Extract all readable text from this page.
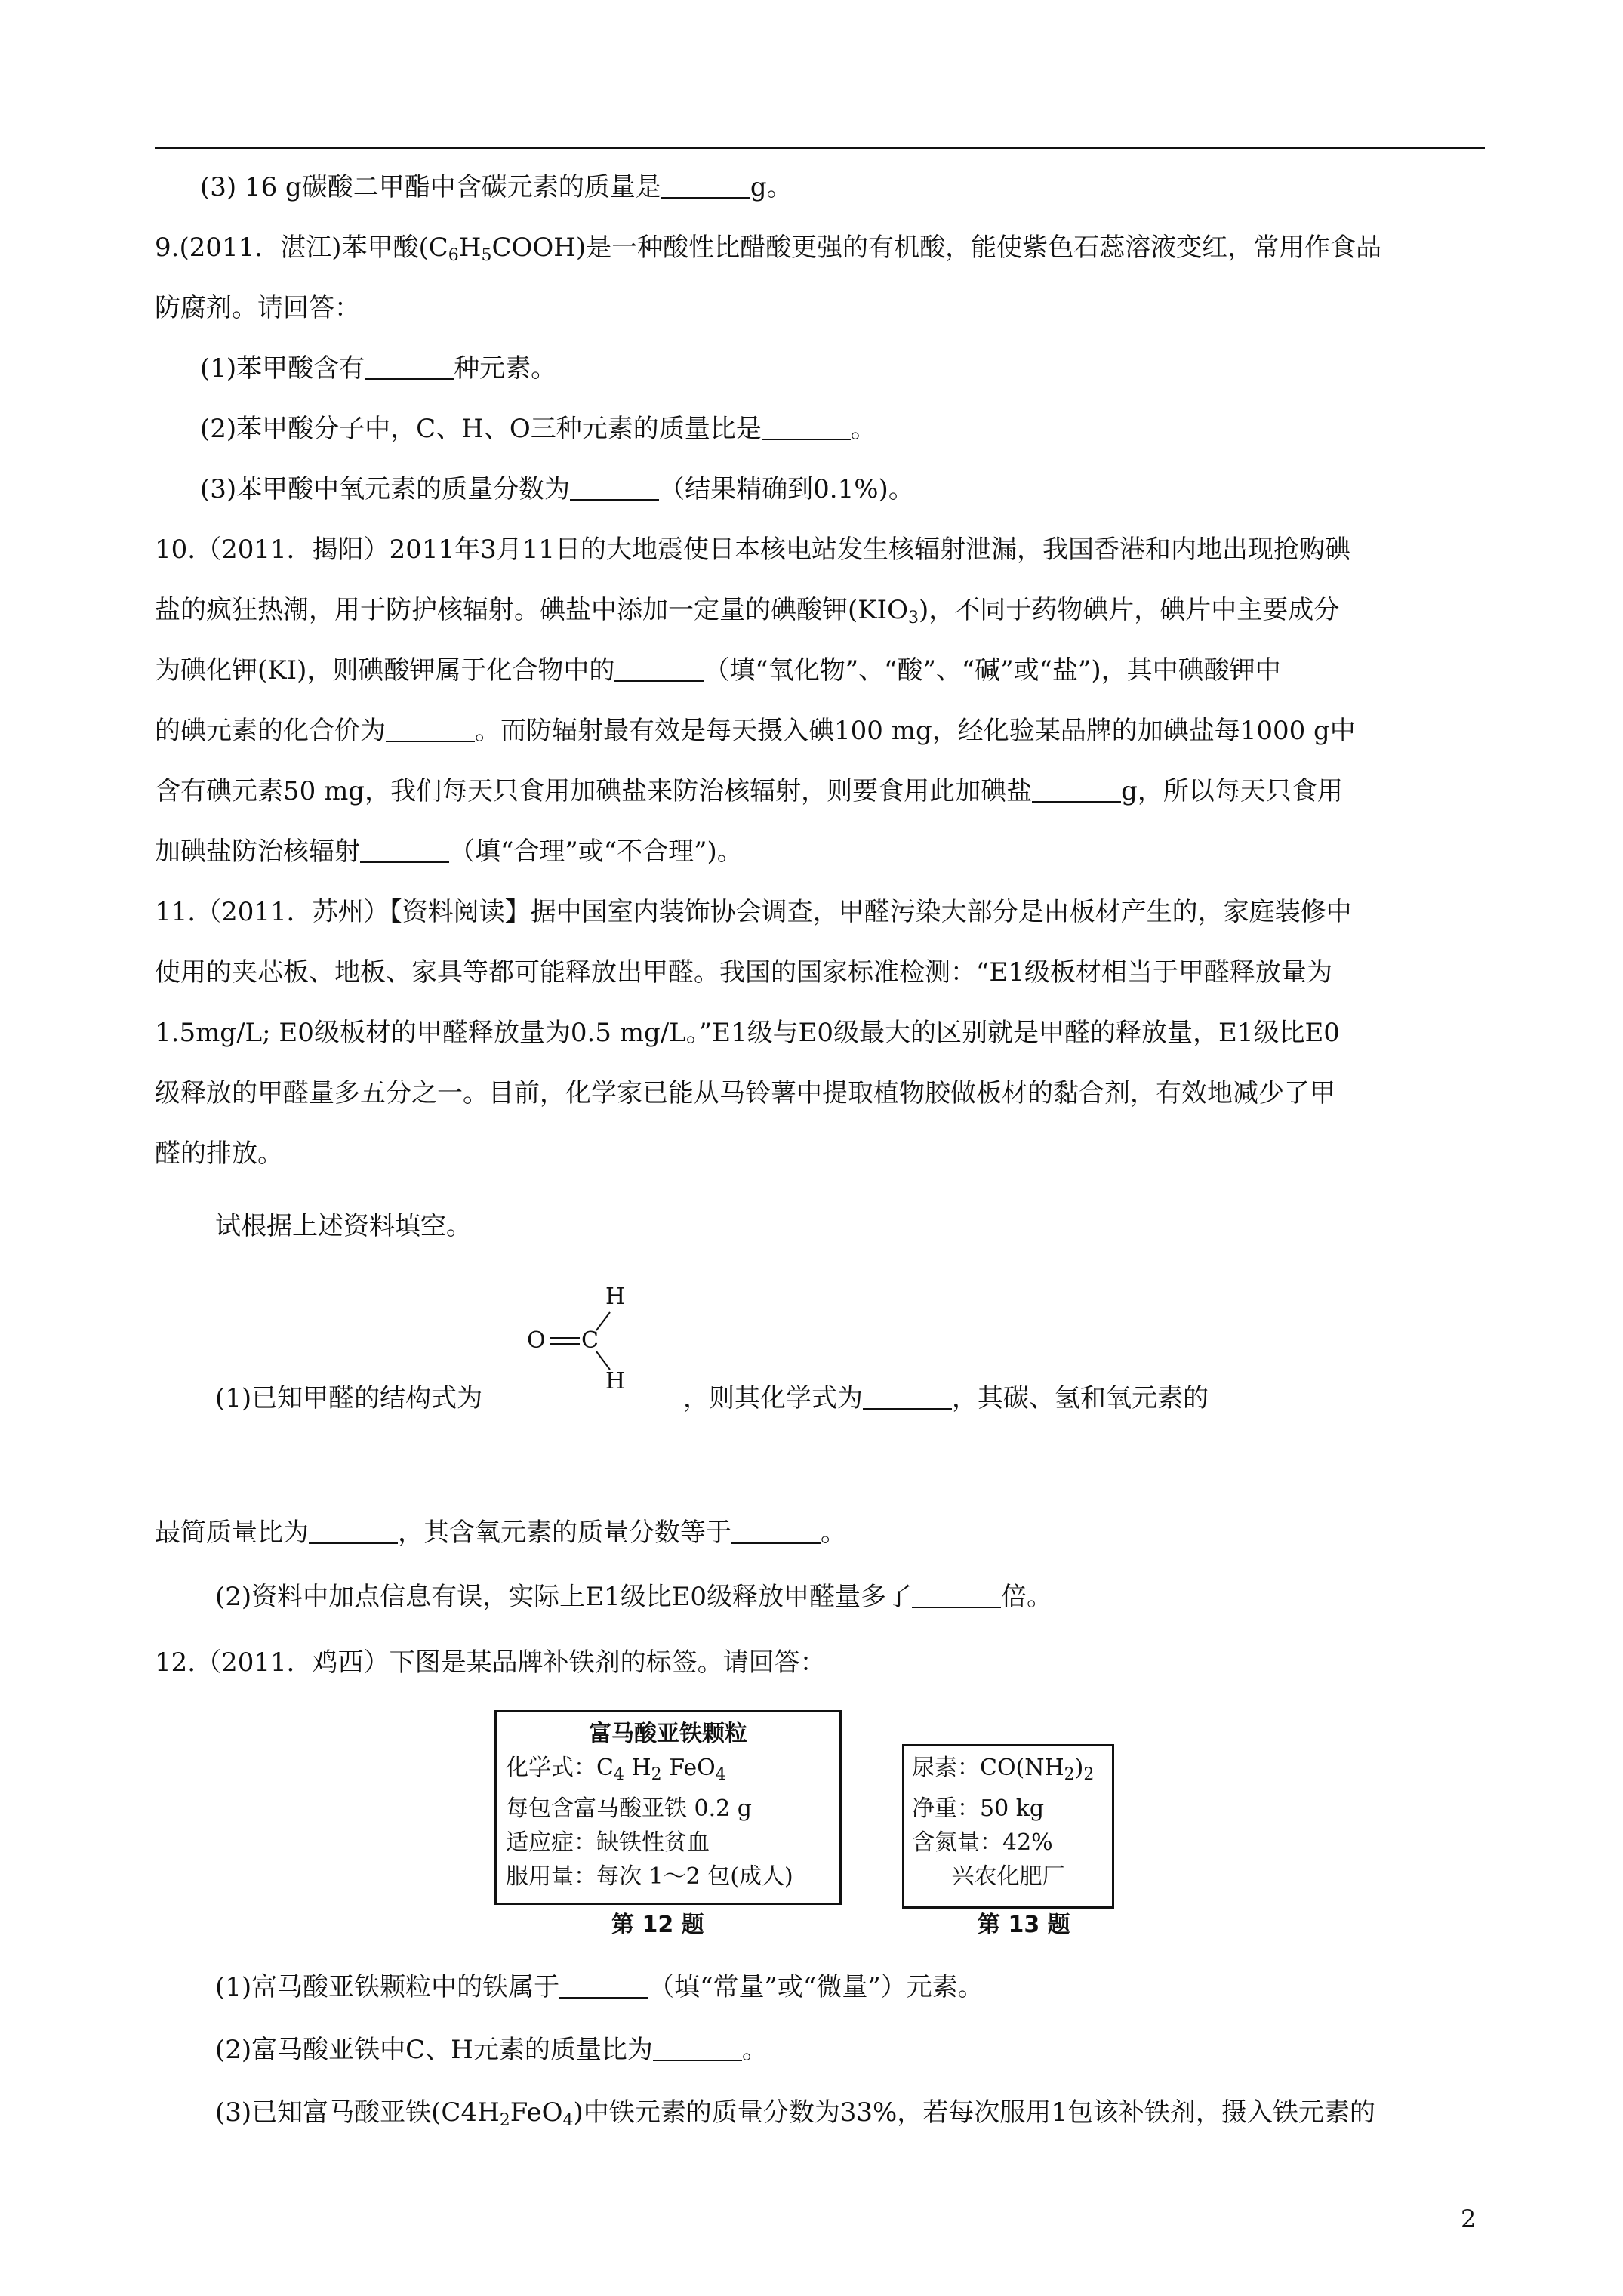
(3) 16 g碳酸二甲酯中含碳元素的质量是	g。
9.(2011．湛江)苯甲酸$(C_6H_5COOH)$是一种酸性比醋酸更强的有机酸，能使紫色石蕊溶液变红，常用作食品
防腐剂。请回答：
(1)苯甲酸含有	种元素。
(2)苯甲酸分子中，C、H、O三种元素的质量比是	。
(3)苯甲酸中氧元素的质量分数为	（结果精确到0.1%)。
10.（2011．揭阳）2011年3月11日的大地震使日本核电站发生核辐射泄漏，我国香港和内地出现抢购碘
盐的疯狂热潮，用于防护核辐射。碘盐中添加一定量的碘酸钾$(KIO_3)$，不同于药物碘片，碘片中主要成分
为碘化钾(KI)，则碘酸钾属于化合物中的	（填“氧化物”、“酸”、“碱”或“盐”)，其中碘酸钾中
的碘元素的化合价为	。而防辐射最有效是每天摄入碘100 mg，经化验某品牌的加碘盐每1000 g中
含有碘元素50 mg，我们每天只食用加碘盐来防治核辐射，则要食用此加碘盐	g，所以每天只食用
加碘盐防治核辐射	（填“合理”或“不合理”)。
11.（2011．苏州）【资料阅读】据中国室内装饰协会调查，甲醛污染大部分是由板材产生的，家庭装修中
使用的夹芯板、地板、家具等都可能释放出甲醛。我国的国家标准检测：“E1级板材相当于甲醛释放量为
1.5mg/L; E0级板材的甲醛释放量为0.5 mg/L。”E1级与E0级最大的区别就是甲醛的释放量，E1级比E0
级释放的甲醛量多五分之一。目前，化学家已能从马铃薯中提取植物胶做板材的黏合剂，有效地减少了甲
醛的排放。
试根据上述资料填空。
O C
H
H
(1)已知甲醛的结构式为	，则其化学式为	，其碳、氢和氧元素的
最简质量比为	，其含氧元素的质量分数等于	。
(2)资料中加点信息有误，实际上E1级比E0级释放甲醛量多了	倍。
12.（2011．鸡西）下图是某品牌补铁剂的标签。请回答：
富马酸亚铁颗粒
化学式：$C_4$ $H_2$ FeO$_4$
每包含富马酸亚铁 0.2 g
适应症：缺铁性贫血
服用量：每次 1～2 包(成人)
第 12 题
尿素：$CO(NH_2)_2$
净重：50 kg
含氮量：42%
兴农化肥厂
第 13 题
(1)富马酸亚铁颗粒中的铁属于	（填“常量”或“微量”）元素。
(2)富马酸亚铁中C、H元素的质量比为	。
(3)已知富马酸亚铁$(C4H_2FeO_4)$中铁元素的质量分数为33%，若每次服用1包该补铁剂，摄入铁元素的
2
